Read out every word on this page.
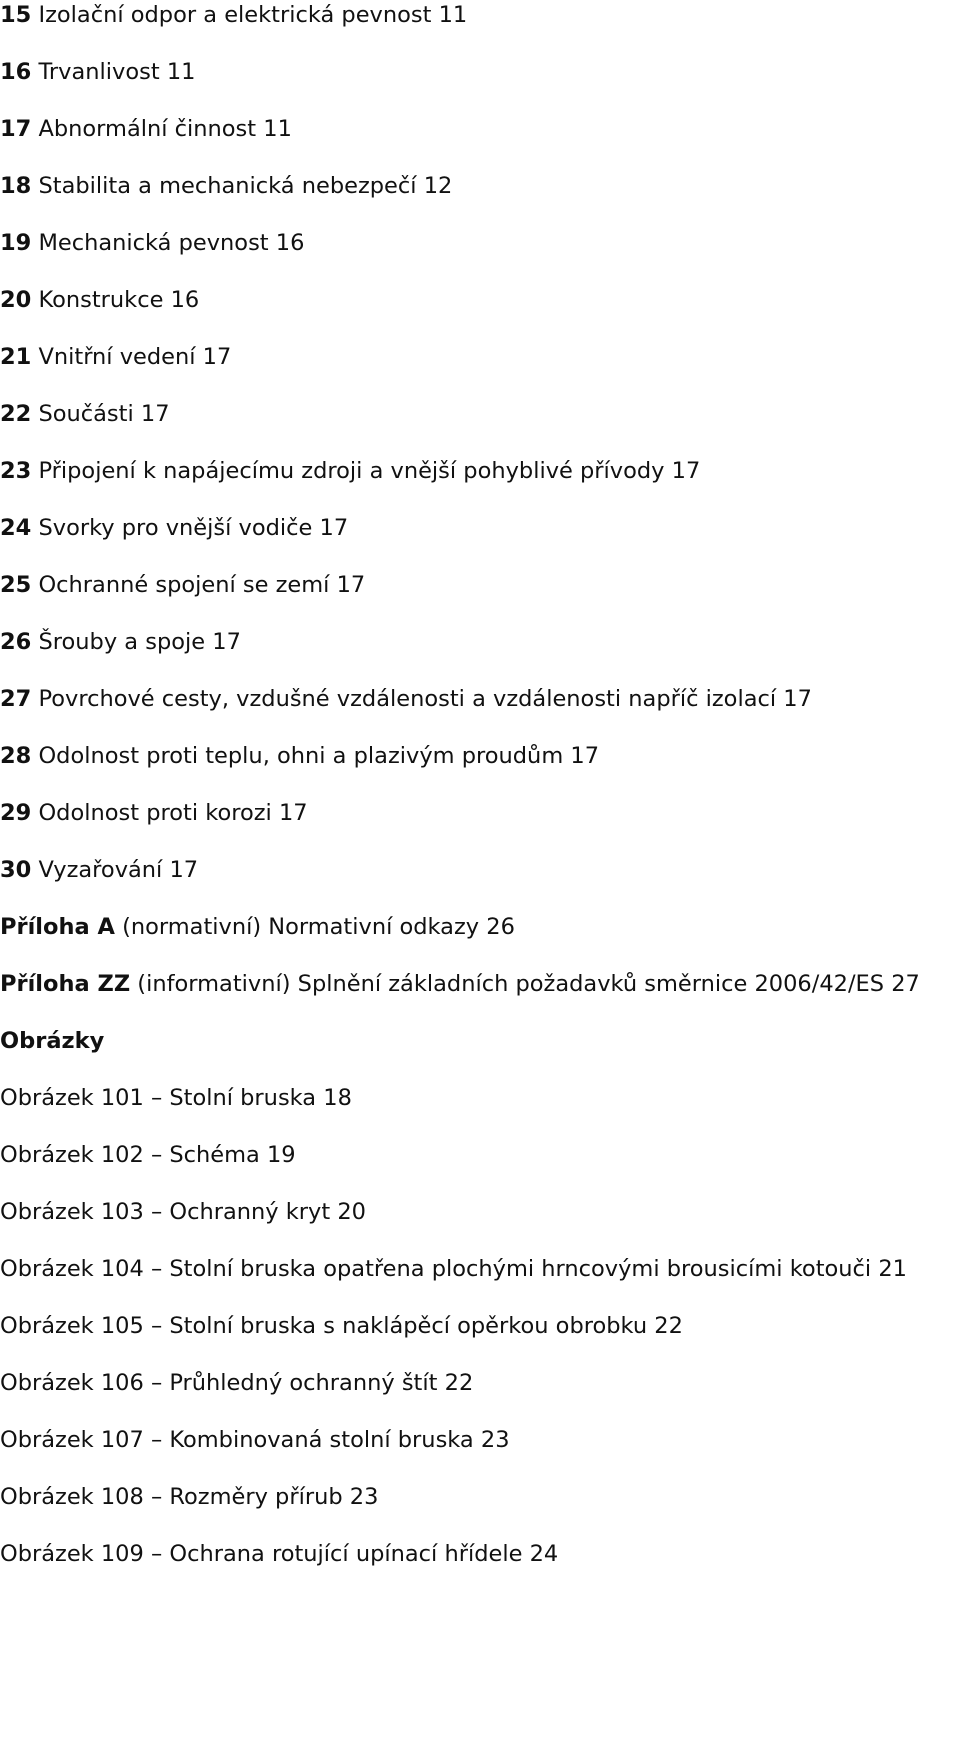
15 Izolační odpor a elektrická pevnost 11
16 Trvanlivost 11
17 Abnormální činnost 11
18 Stabilita a mechanická nebezpečí 12
19 Mechanická pevnost 16
20 Konstrukce 16
21 Vnitřní vedení 17
22 Součásti 17
23 Připojení k napájecímu zdroji a vnější pohyblivé přívody 17
24 Svorky pro vnější vodiče 17
25 Ochranné spojení se zemí 17
26 Šrouby a spoje 17
27 Povrchové cesty, vzdušné vzdálenosti a vzdálenosti napříč izolací 17
28 Odolnost proti teplu, ohni a plazivým proudům 17
29 Odolnost proti korozi 17
30 Vyzařování 17
Příloha A (normativní) Normativní odkazy 26
Příloha ZZ (informativní) Splnění základních požadavků směrnice 2006/42/ES 27
Obrázky
Obrázek 101 – Stolní bruska 18
Obrázek 102 – Schéma 19
Obrázek 103 – Ochranný kryt 20
Obrázek 104 – Stolní bruska opatřena plochými hrncovými brousicími kotouči 21
Obrázek 105 – Stolní bruska s naklápěcí opěrkou obrobku 22
Obrázek 106 – Průhledný ochranný štít 22
Obrázek 107 – Kombinovaná stolní bruska 23
Obrázek 108 – Rozměry přírub 23
Obrázek 109 – Ochrana rotující upínací hřídele 24
